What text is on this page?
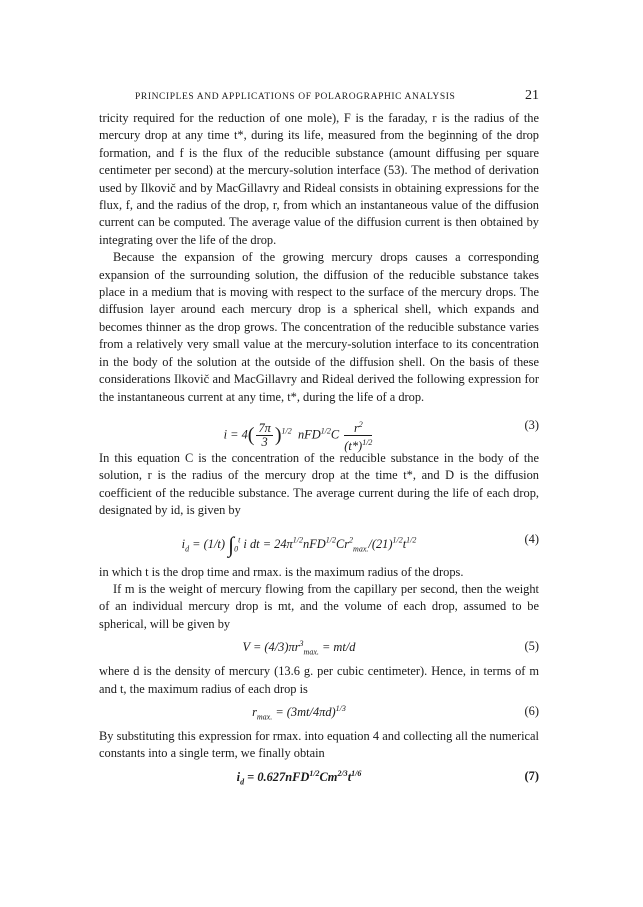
PRINCIPLES AND APPLICATIONS OF POLAROGRAPHIC ANALYSIS	21

tricity required for the reduction of one mole), F is the faraday, r is the radius of the mercury drop at any time t*, during its life, measured from the beginning of the drop formation, and f is the flux of the reducible substance (amount diffusing per square centimeter per second) at the mercury-solution interface (53). The method of derivation used by Ilkovič and by MacGillavry and Rideal consists in obtaining expressions for the flux, f, and the radius of the drop, r, from which an instantaneous value of the diffusion current can be computed. The average value of the diffusion current is then obtained by integrating over the life of the drop.

Because the expansion of the growing mercury drops causes a corresponding expansion of the surrounding solution, the diffusion of the reducible substance takes place in a medium that is moving with respect to the surface of the mercury drops. The diffusion layer around each mercury drop is a spherical shell, which expands and becomes thinner as the drop grows. The concentration of the reducible substance varies from a relatively very small value at the mercury-solution interface to its concentration in the body of the solution at the outside of the diffusion shell. On the basis of these considerations Ilkovič and MacGillavry and Rideal derived the following expression for the instantaneous current at any time, t*, during the life of a drop.

$i = 4( \frac{7\pi}{3} )^{1/2}$  $nFD^{1/2}C \frac{r^2}{(t*)^{1/2}}$	(3)

In this equation C is the concentration of the reducible substance in the body of the solution, r is the radius of the mercury drop at the time t*, and D is the diffusion coefficient of the reducible substance. The average current during the life of each drop, designated by id, is given by

$i_d = (1/t)$ $\int_0^t$ i dt = $24\pi^{1/2}nFD^{1/2}Cr^2_{max.}/(21)^{1/2}t^{1/2}$	(4)

in which t is the drop time and rmax. is the maximum radius of the drops.

If m is the weight of mercury flowing from the capillary per second, then the weight of an individual mercury drop is mt, and the volume of each drop, assumed to be spherical, will be given by

$V = (4/3)\pi r^3_{max.} = mt/d$	(5)

where d is the density of mercury (13.6 g. per cubic centimeter). Hence, in terms of m and t, the maximum radius of each drop is

$r_{max.} = (3mt/4\pi d)^{1/3}$	(6)

By substituting this expression for rmax. into equation 4 and collecting all the numerical constants into a single term, we finally obtain

$i_d = 0.627nFD^{1/2}Cm^{2/3}t^{1/6}$	(7)
